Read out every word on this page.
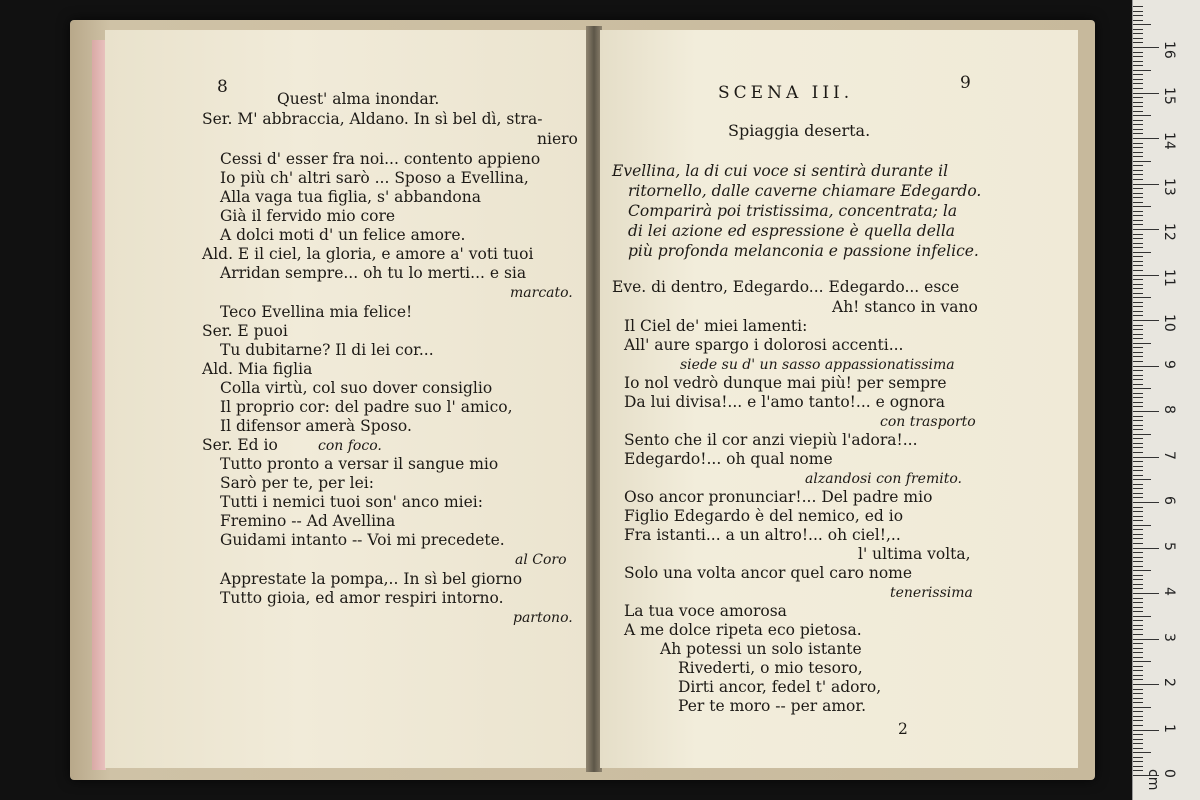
8
Quest' alma inondar.
Ser. M' abbraccia, Aldano. In sì bel dì, stra-
niero
Cessi d' esser fra noi... contento appieno
Io più ch' altri sarò ... Sposo a Evellina,
Alla vaga tua figlia, s' abbandona
Già il fervido mio core
A dolci moti d' un felice amore.
Ald. E il ciel, la gloria, e amore a' voti tuoi
Arridan sempre... oh tu lo merti... e sia
marcato.
Teco Evellina mia felice!
Ser. E puoi
Tu dubitarne? Il di lei cor...
Ald. Mia figlia
Colla virtù, col suo dover consiglio
Il proprio cor: del padre suo l' amico,
Il difensor amerà Sposo.
Ser. Ed io	con foco.
Tutto pronto a versar il sangue mio
Sarò per te, per lei:
Tutti i nemici tuoi son' anco miei:
Fremino -- Ad Avellina
Guidami intanto -- Voi mi precedete.
al Coro
Apprestate la pompa,.. In sì bel giorno
Tutto gioia, ed amor respiri intorno.
partono.
SCENA III.	9
Spiaggia deserta.
Evellina, la di cui voce si sentirà durante il
ritornello, dalle caverne chiamare Edegardo.
Comparirà poi tristissima, concentrata; la
di lei azione ed espressione è quella della
più profonda melanconia e passione infelice.
Eve. di dentro, Edegardo... Edegardo... esce
Ah! stanco in vano
Il Ciel de' miei lamenti:
All' aure spargo i dolorosi accenti...
siede su d' un sasso appassionatissima
Io nol vedrò dunque mai più! per sempre
Da lui divisa!... e l'amo tanto!... e ognora
con trasporto
Sento che il cor anzi viepiù l'adora!...
Edegardo!... oh qual nome
alzandosi con fremito.
Oso ancor pronunciar!... Del padre mio
Figlio Edegardo è del nemico, ed io
Fra istanti... a un altro!... oh ciel!,..
l' ultima volta,
Solo una volta ancor quel caro nome
tenerissima
La tua voce amorosa
A me dolce ripeta eco pietosa.
Ah potessi un solo istante
Rivederti, o mio tesoro,
Dirti ancor, fedel t' adoro,
Per te moro -- per amor.
2
0 cm
1
2
3
4
5
6
7
8
9
10
11
12
13
14
15
16
